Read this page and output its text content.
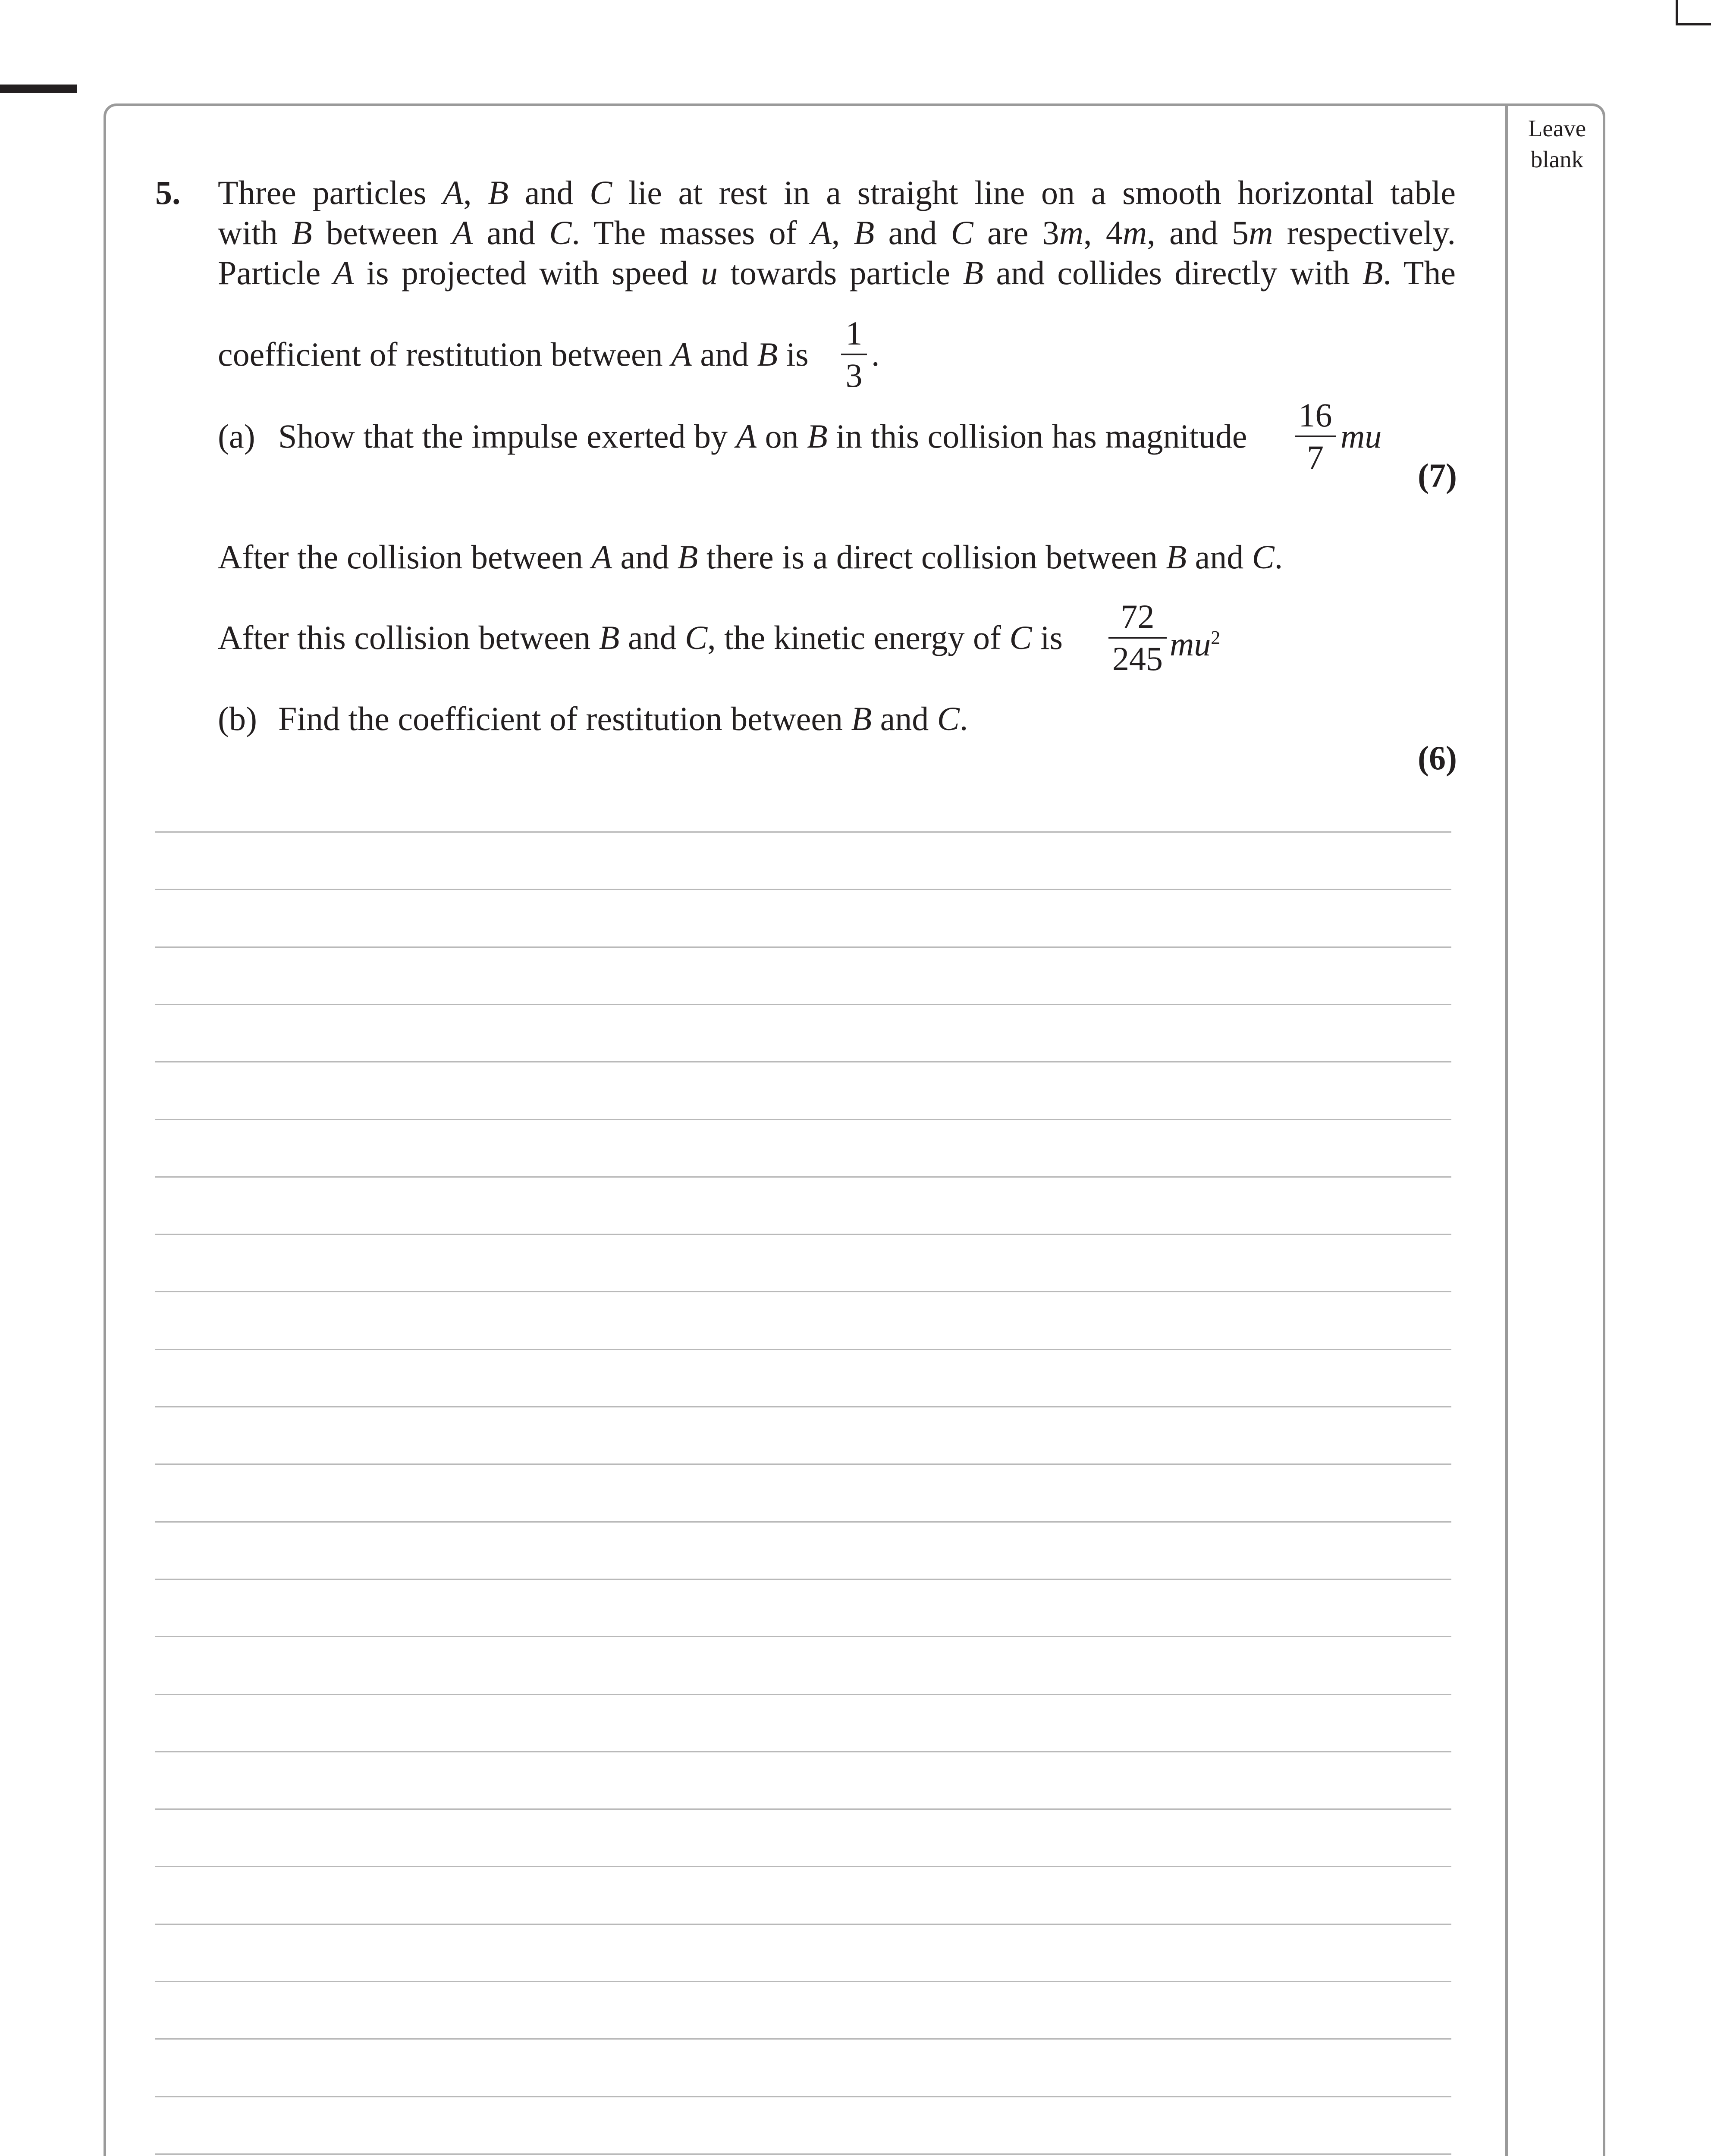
Leave
blank
5. Three particles A, B and C lie at rest in a straight line on a smooth horizontal table
with B between A and C. The masses of A, B and C are 3m, 4m, and 5m respectively.
Particle A is projected with speed u towards particle B and collides directly with B. The
coefficient of restitution between A and B is
1
3
.
(a) Show that the impulse exerted by A on B in this collision has magnitude
16
7
mu
(7)
After the collision between A and B there is a direct collision between B and C.
After this collision between B and C, the kinetic energy of C is
72
245 $mu^2$
(b) Find the coefficient of restitution between B and C.
(6)
